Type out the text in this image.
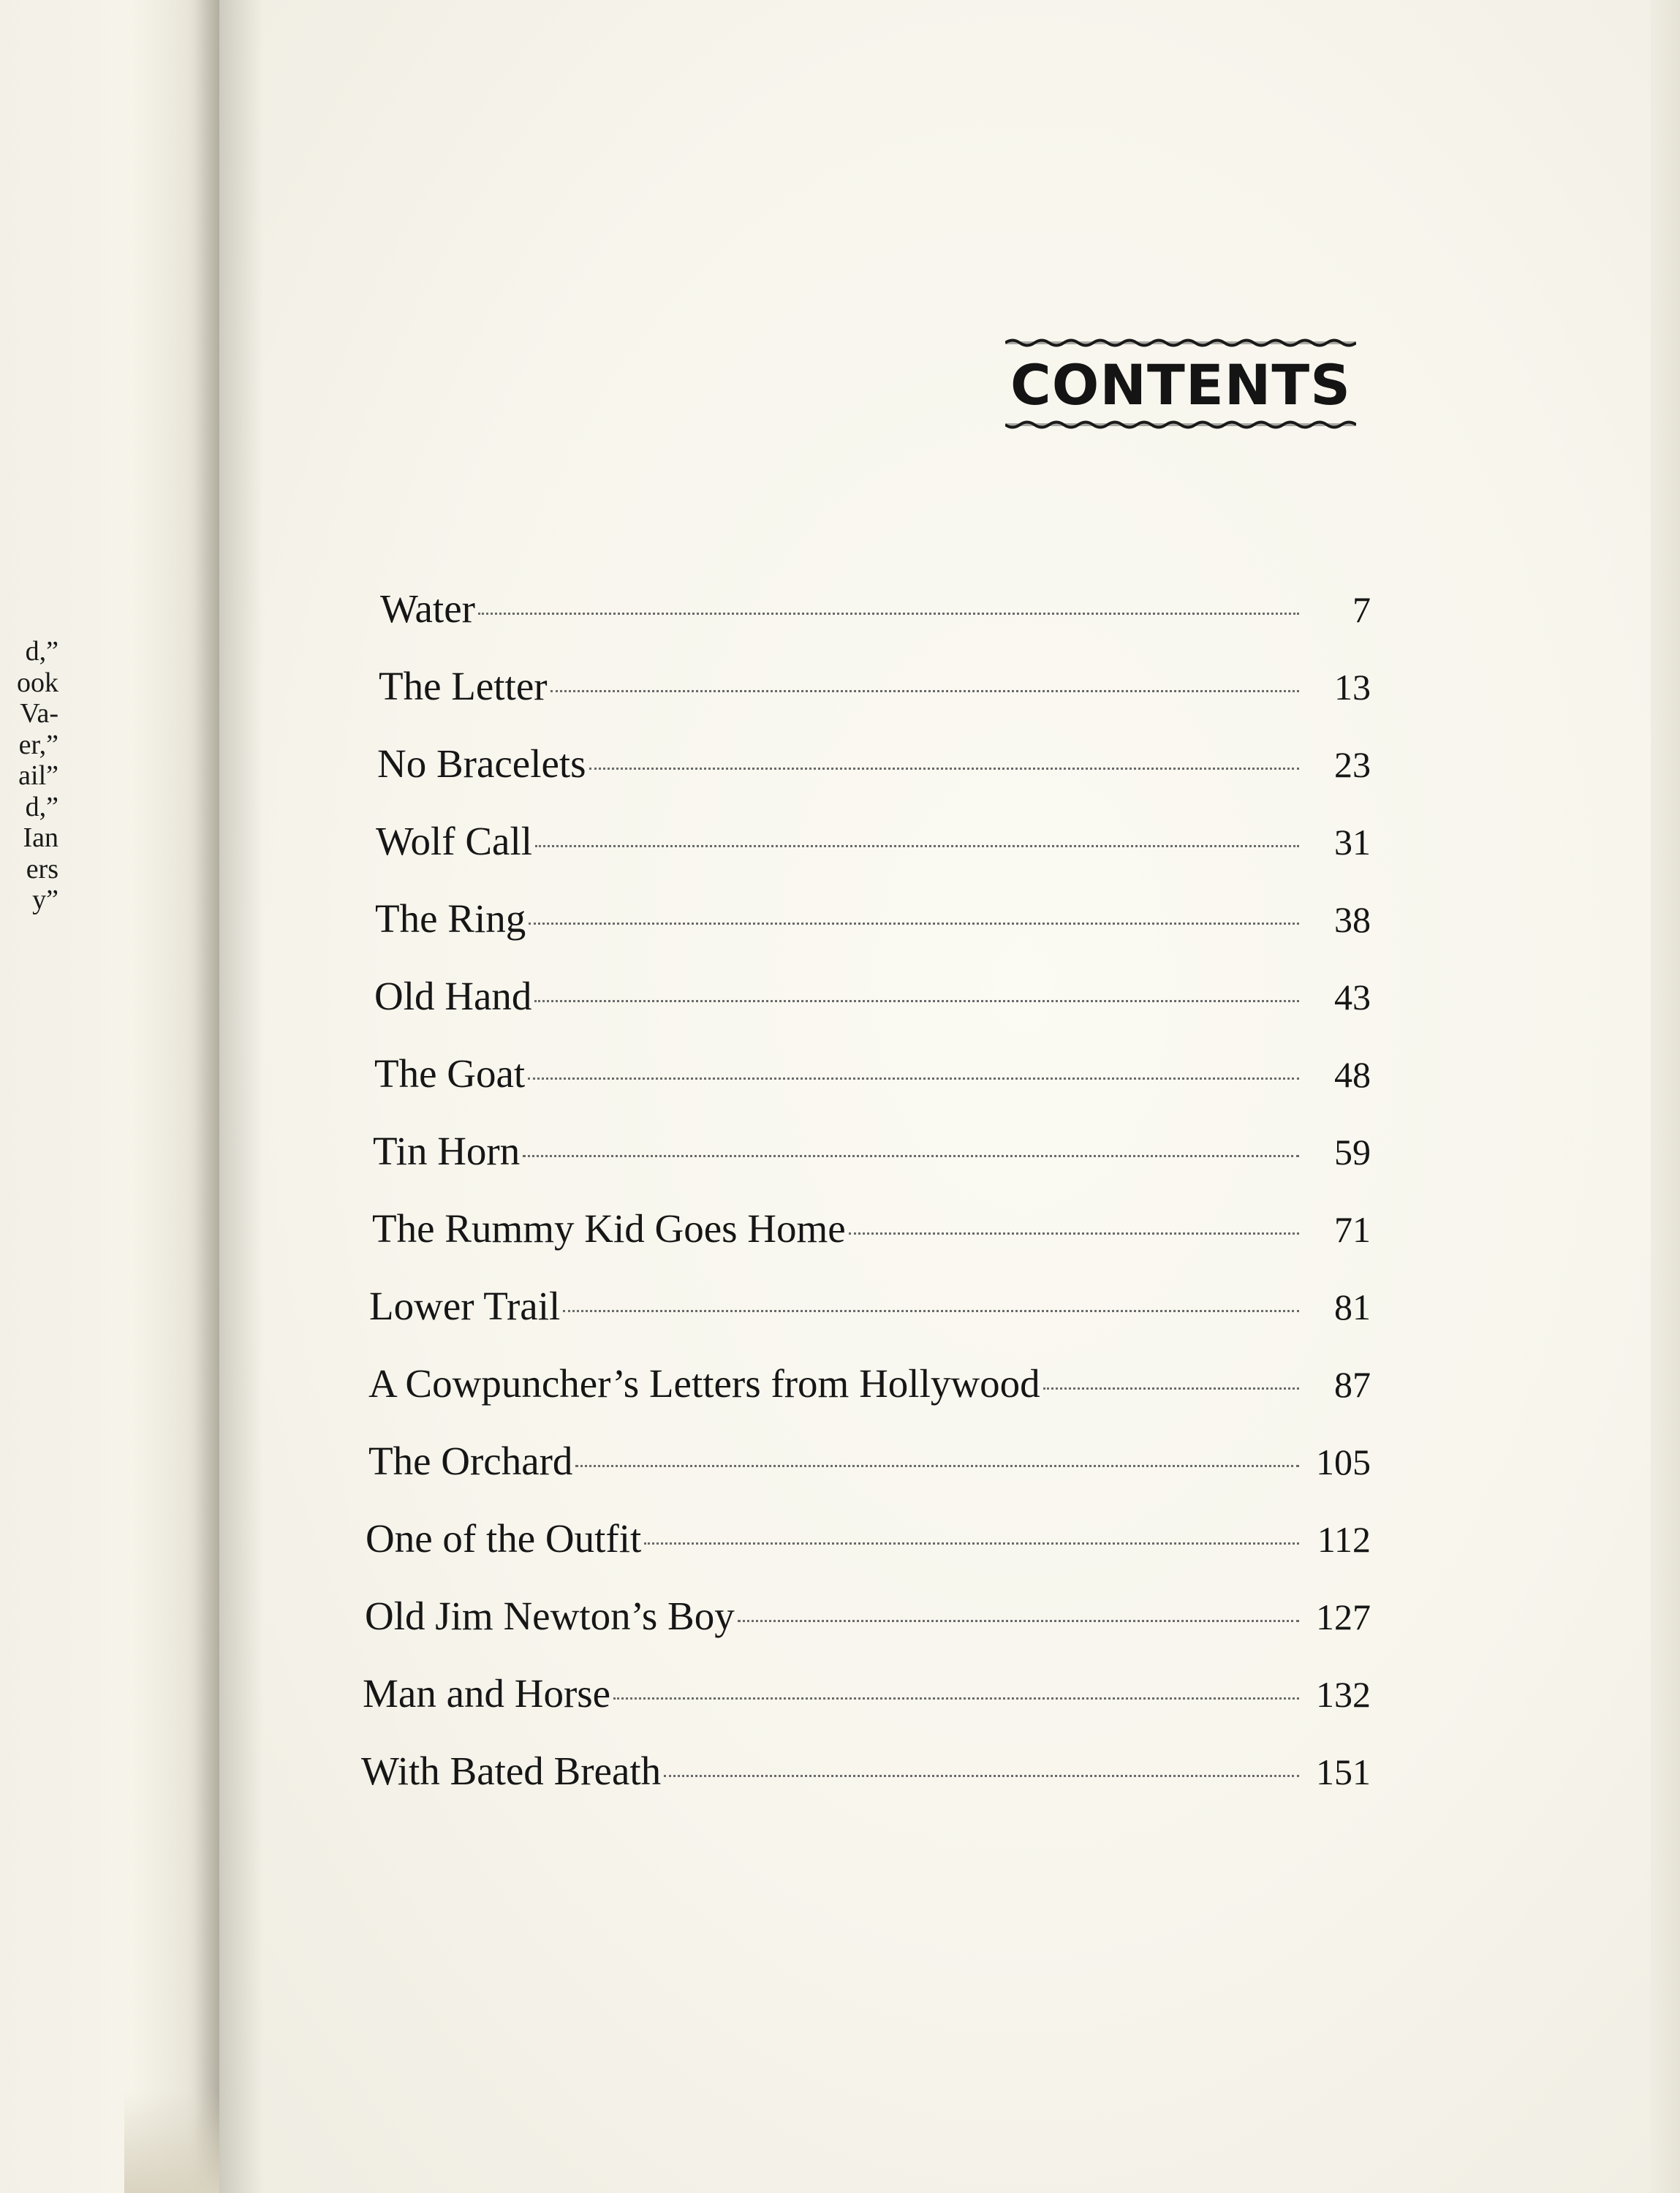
d,”
ook
Va-
er,”
ail”
d,”
Ian
ers
y”
CONTENTS
Water	7
The Letter	13
No Bracelets	23
Wolf Call	31
The Ring	38
Old Hand	43
The Goat	48
Tin Horn	59
The Rummy Kid Goes Home	71
Lower Trail	81
A Cowpuncher’s Letters from Hollywood	87
The Orchard	105
One of the Outfit	112
Old Jim Newton’s Boy	127
Man and Horse	132
With Bated Breath	151
